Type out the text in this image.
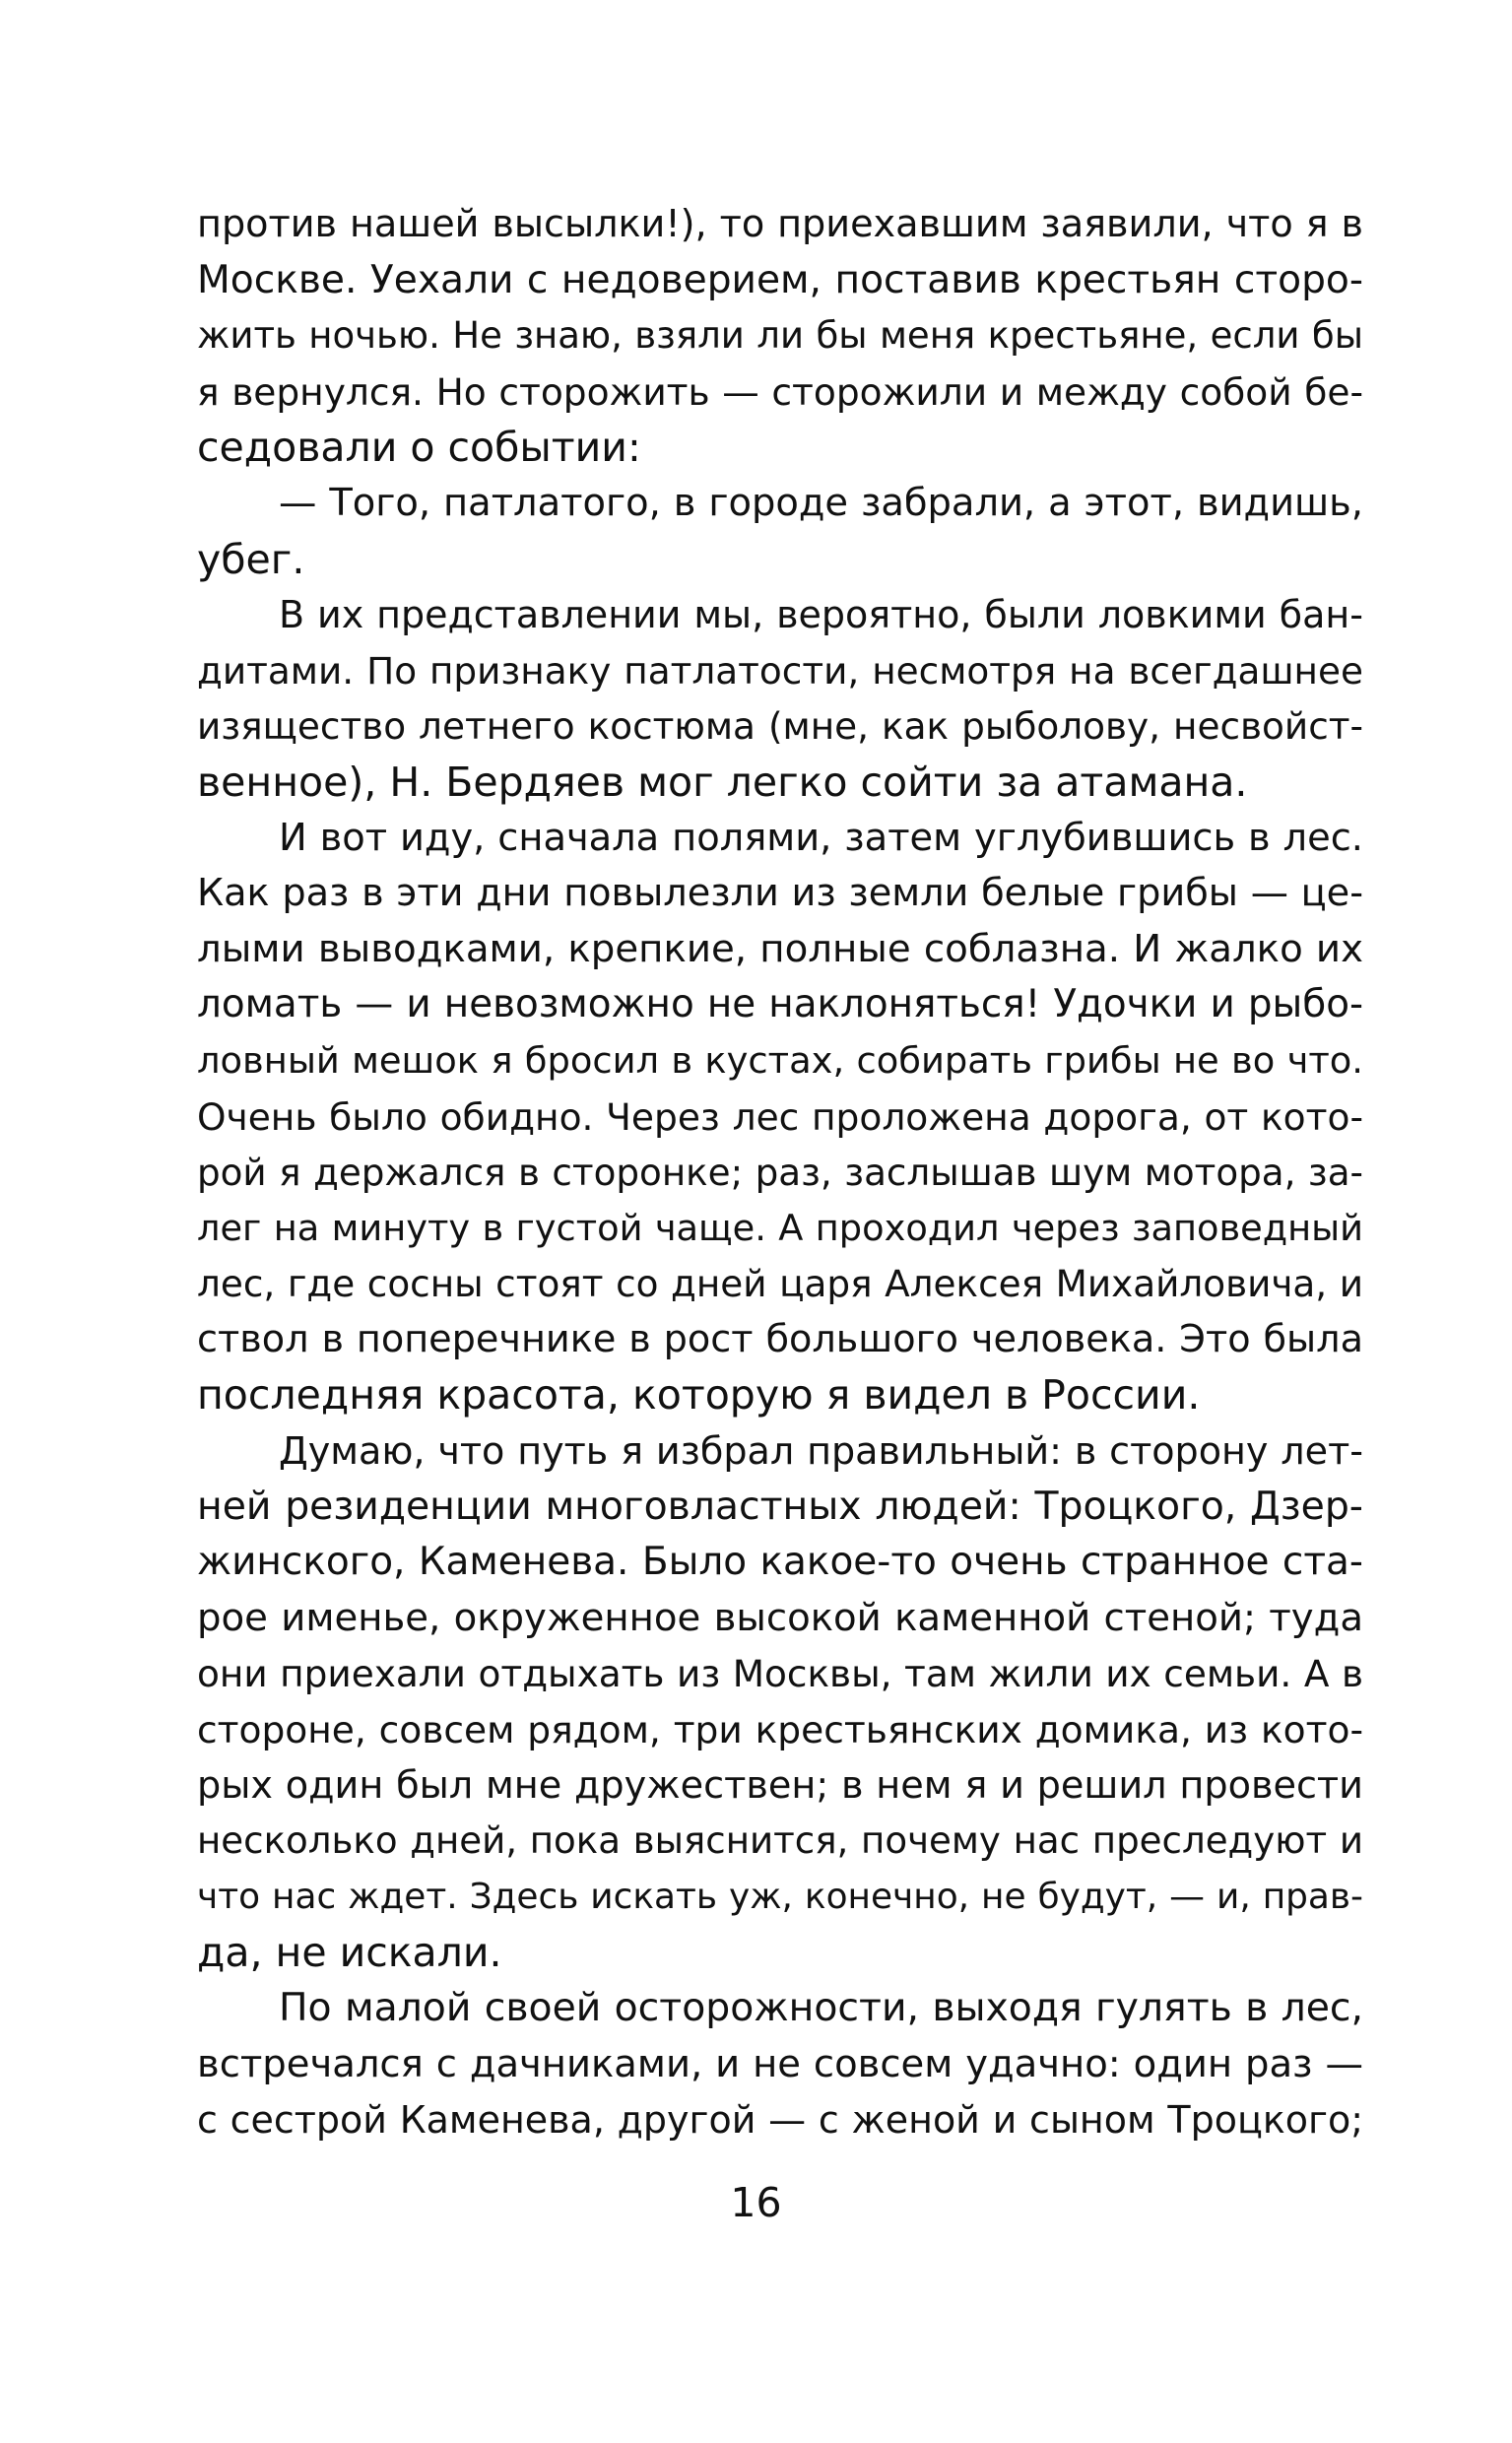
против нашей высылки!), то приехавшим заявили, что я в
Москве. Уехали с недоверием, поставив крестьян сторо-
жить ночью. Не знаю, взяли ли бы меня крестьяне, если бы
я вернулся. Но сторожить — сторожили и между собой бе-
седовали о событии:
— Того, патлатого, в городе забрали, а этот, видишь,
убег.
В их представлении мы, вероятно, были ловкими бан-
дитами. По признаку патлатости, несмотря на всегдашнее
изящество летнего костюма (мне, как рыболову, несвойст-
венное), Н. Бердяев мог легко сойти за атамана.
И вот иду, сначала полями, затем углубившись в лес.
Как раз в эти дни повылезли из земли белые грибы — це-
лыми выводками, крепкие, полные соблазна. И жалко их
ломать — и невозможно не наклоняться! Удочки и рыбо-
ловный мешок я бросил в кустах, собирать грибы не во что.
Очень было обидно. Через лес проложена дорога, от кото-
рой я держался в сторонке; раз, заслышав шум мотора, за-
лег на минуту в густой чаще. А проходил через заповедный
лес, где сосны стоят со дней царя Алексея Михайловича, и
ствол в поперечнике в рост большого человека. Это была
последняя красота, которую я видел в России.
Думаю, что путь я избрал правильный: в сторону лет-
ней резиденции многовластных людей: Троцкого, Дзер-
жинского, Каменева. Было какое-то очень странное ста-
рое именье, окруженное высокой каменной стеной; туда
они приехали отдыхать из Москвы, там жили их семьи. А в
стороне, совсем рядом, три крестьянских домика, из кото-
рых один был мне дружествен; в нем я и решил провести
несколько дней, пока выяснится, почему нас преследуют и
что нас ждет. Здесь искать уж, конечно, не будут, — и, прав-
да, не искали.
По малой своей осторожности, выходя гулять в лес,
встречался с дачниками, и не совсем удачно: один раз —
с сестрой Каменева, другой — с женой и сыном Троцкого;
16
